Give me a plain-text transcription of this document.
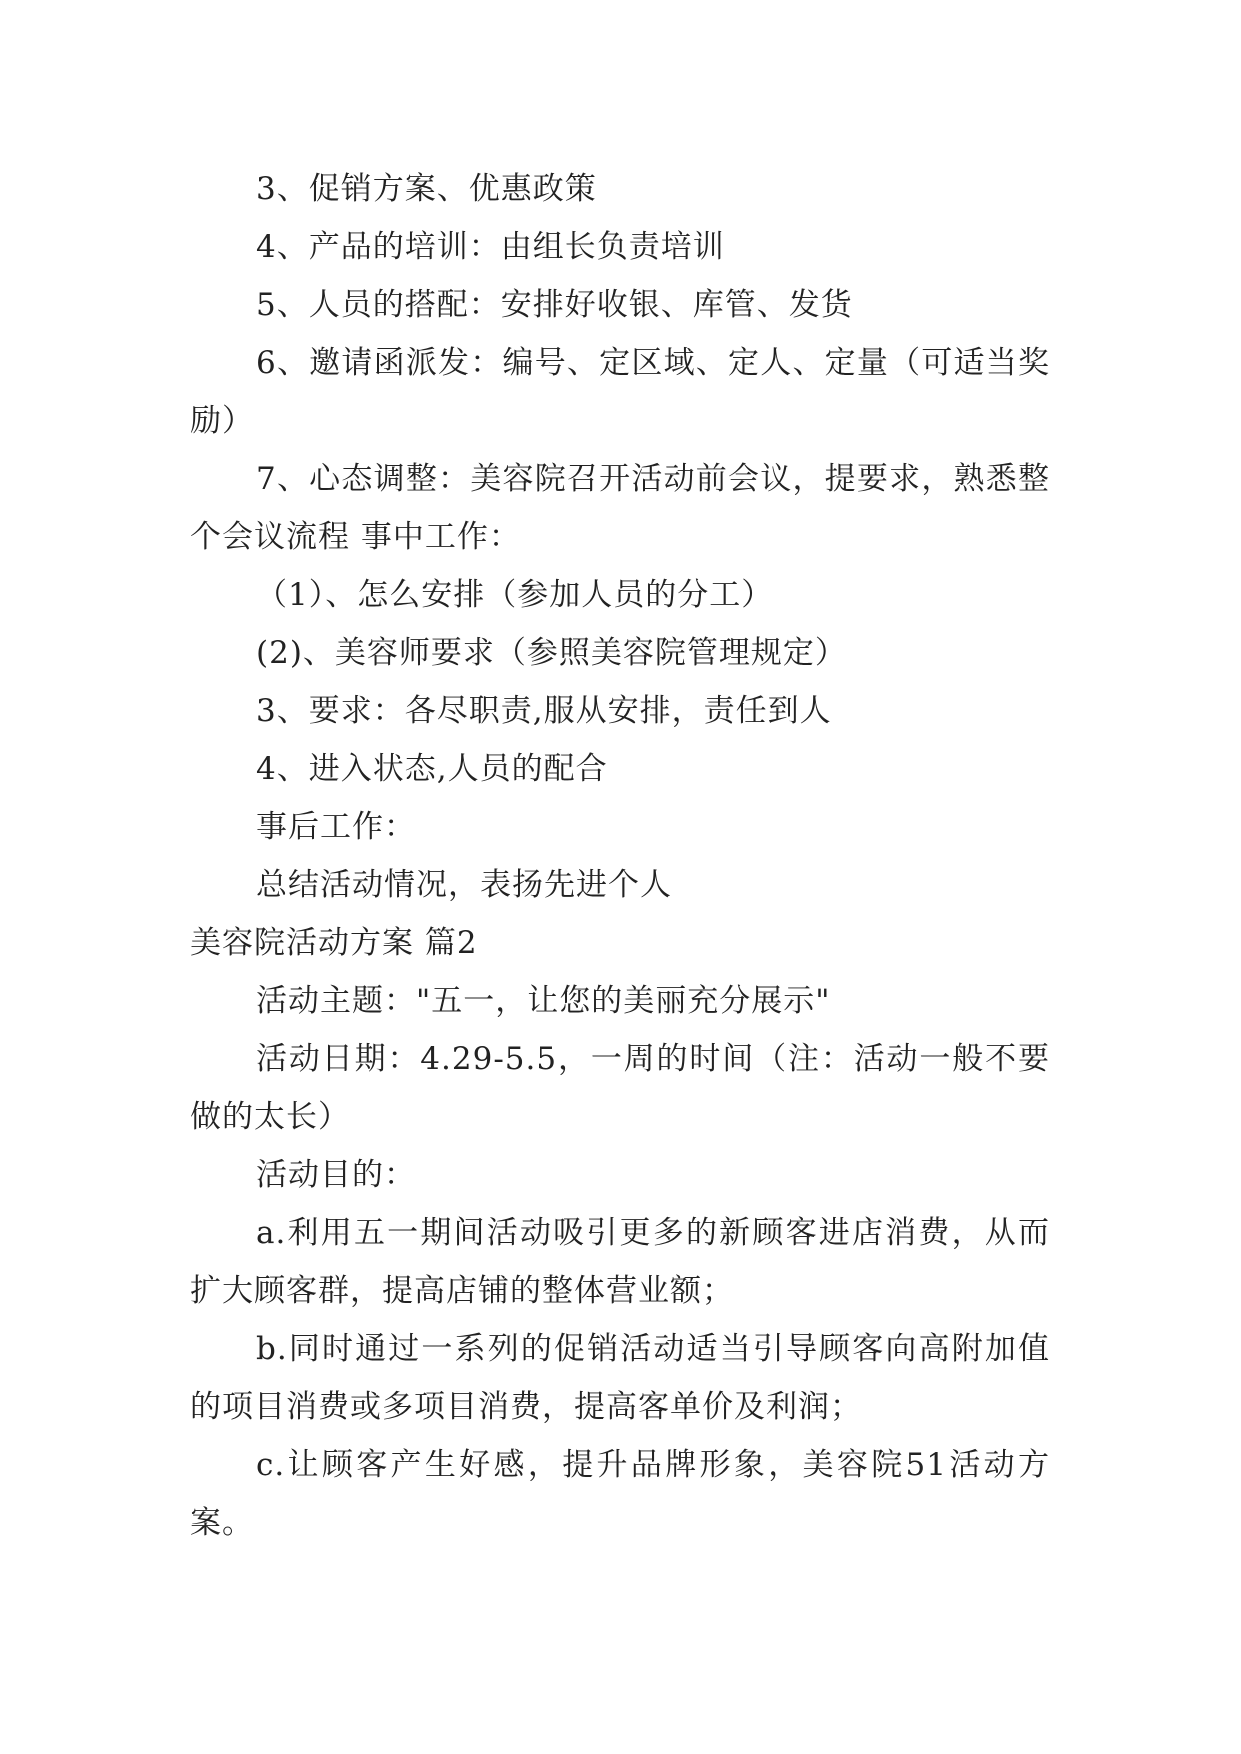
3、促销方案、优惠政策

4、产品的培训：由组长负责培训

5、人员的搭配：安排好收银、库管、发货

6、邀请函派发：编号、定区域、定人、定量（可适当奖励）

7、心态调整：美容院召开活动前会议，提要求，熟悉整个会议流程 事中工作：

（1）、怎么安排（参加人员的分工）

(2)、美容师要求（参照美容院管理规定）

3、要求：各尽职责,服从安排，责任到人

4、进入状态,人员的配合

事后工作：

总结活动情况，表扬先进个人

美容院活动方案 篇2

活动主题："五一，让您的美丽充分展示"

活动日期：4.29-5.5，一周的时间（注：活动一般不要做的太长）

活动目的：

a.利用五一期间活动吸引更多的新顾客进店消费，从而扩大顾客群，提高店铺的整体营业额；

b.同时通过一系列的促销活动适当引导顾客向高附加值的项目消费或多项目消费，提高客单价及利润；

c.让顾客产生好感，提升品牌形象，美容院51活动方案。
